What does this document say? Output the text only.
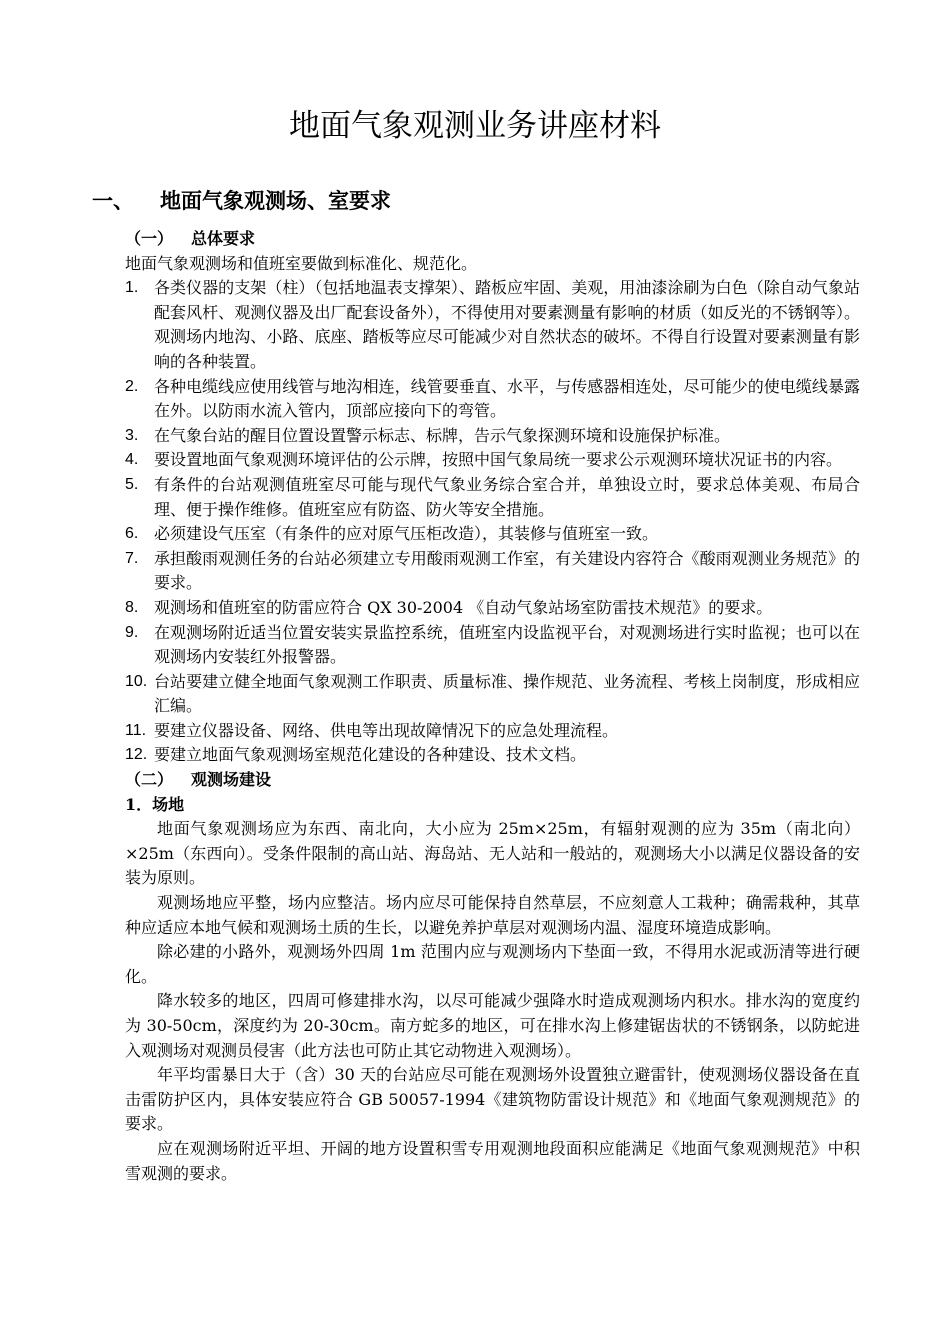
地面气象观测业务讲座材料
一、 地面气象观测场、室要求
（一） 总体要求

地面气象观测场和值班室要做到标准化、规范化。

1. 各类仪器的支架（柱）（包括地温表支撑架）、踏板应牢固、美观，用油漆涂刷为白色（除自动气象站配套风杆、观测仪器及出厂配套设备外），不得使用对要素测量有影响的材质（如反光的不锈钢等）。观测场内地沟、小路、底座、踏板等应尽可能减少对自然状态的破坏。不得自行设置对要素测量有影响的各种装置。
2. 各种电缆线应使用线管与地沟相连，线管要垂直、水平，与传感器相连处，尽可能少的使电缆线暴露在外。以防雨水流入管内，顶部应接向下的弯管。
3. 在气象台站的醒目位置设置警示标志、标牌，告示气象探测环境和设施保护标准。
4. 要设置地面气象观测环境评估的公示牌，按照中国气象局统一要求公示观测环境状况证书的内容。
5. 有条件的台站观测值班室尽可能与现代气象业务综合室合并，单独设立时，要求总体美观、布局合理、便于操作维修。值班室应有防盗、防火等安全措施。
6. 必须建设气压室（有条件的应对原气压柜改造），其装修与值班室一致。
7. 承担酸雨观测任务的台站必须建立专用酸雨观测工作室，有关建设内容符合《酸雨观测业务规范》的要求。
8. 观测场和值班室的防雷应符合 QX 30-2004 《自动气象站场室防雷技术规范》的要求。
9. 在观测场附近适当位置安装实景监控系统，值班室内设监视平台，对观测场进行实时监视；也可以在观测场内安装红外报警器。
10. 台站要建立健全地面气象观测工作职责、质量标准、操作规范、业务流程、考核上岗制度，形成相应汇编。
11. 要建立仪器设备、网络、供电等出现故障情况下的应急处理流程。
12. 要建立地面气象观测场室规范化建设的各种建设、技术文档。
（二） 观测场建设
1．场地

地面气象观测场应为东西、南北向，大小应为 25m×25m，有辐射观测的应为 35m（南北向）×25m（东西向）。受条件限制的高山站、海岛站、无人站和一般站的，观测场大小以满足仪器设备的安装为原则。

观测场地应平整，场内应整洁。场内应尽可能保持自然草层，不应刻意人工栽种；确需栽种，其草种应适应本地气候和观测场土质的生长，以避免养护草层对观测场内温、湿度环境造成影响。

除必建的小路外，观测场外四周 1m 范围内应与观测场内下垫面一致，不得用水泥或沥清等进行硬化。

降水较多的地区，四周可修建排水沟，以尽可能减少强降水时造成观测场内积水。排水沟的宽度约为 30-50cm，深度约为 20-30cm。南方蛇多的地区，可在排水沟上修建锯齿状的不锈钢条，以防蛇进入观测场对观测员侵害（此方法也可防止其它动物进入观测场）。

年平均雷暴日大于（含）30 天的台站应尽可能在观测场外设置独立避雷针，使观测场仪器设备在直击雷防护区内，具体安装应符合 GB 50057-1994《建筑物防雷设计规范》和《地面气象观测规范》的要求。

应在观测场附近平坦、开阔的地方设置积雪专用观测地段面积应能满足《地面气象观测规范》中积雪观测的要求。
